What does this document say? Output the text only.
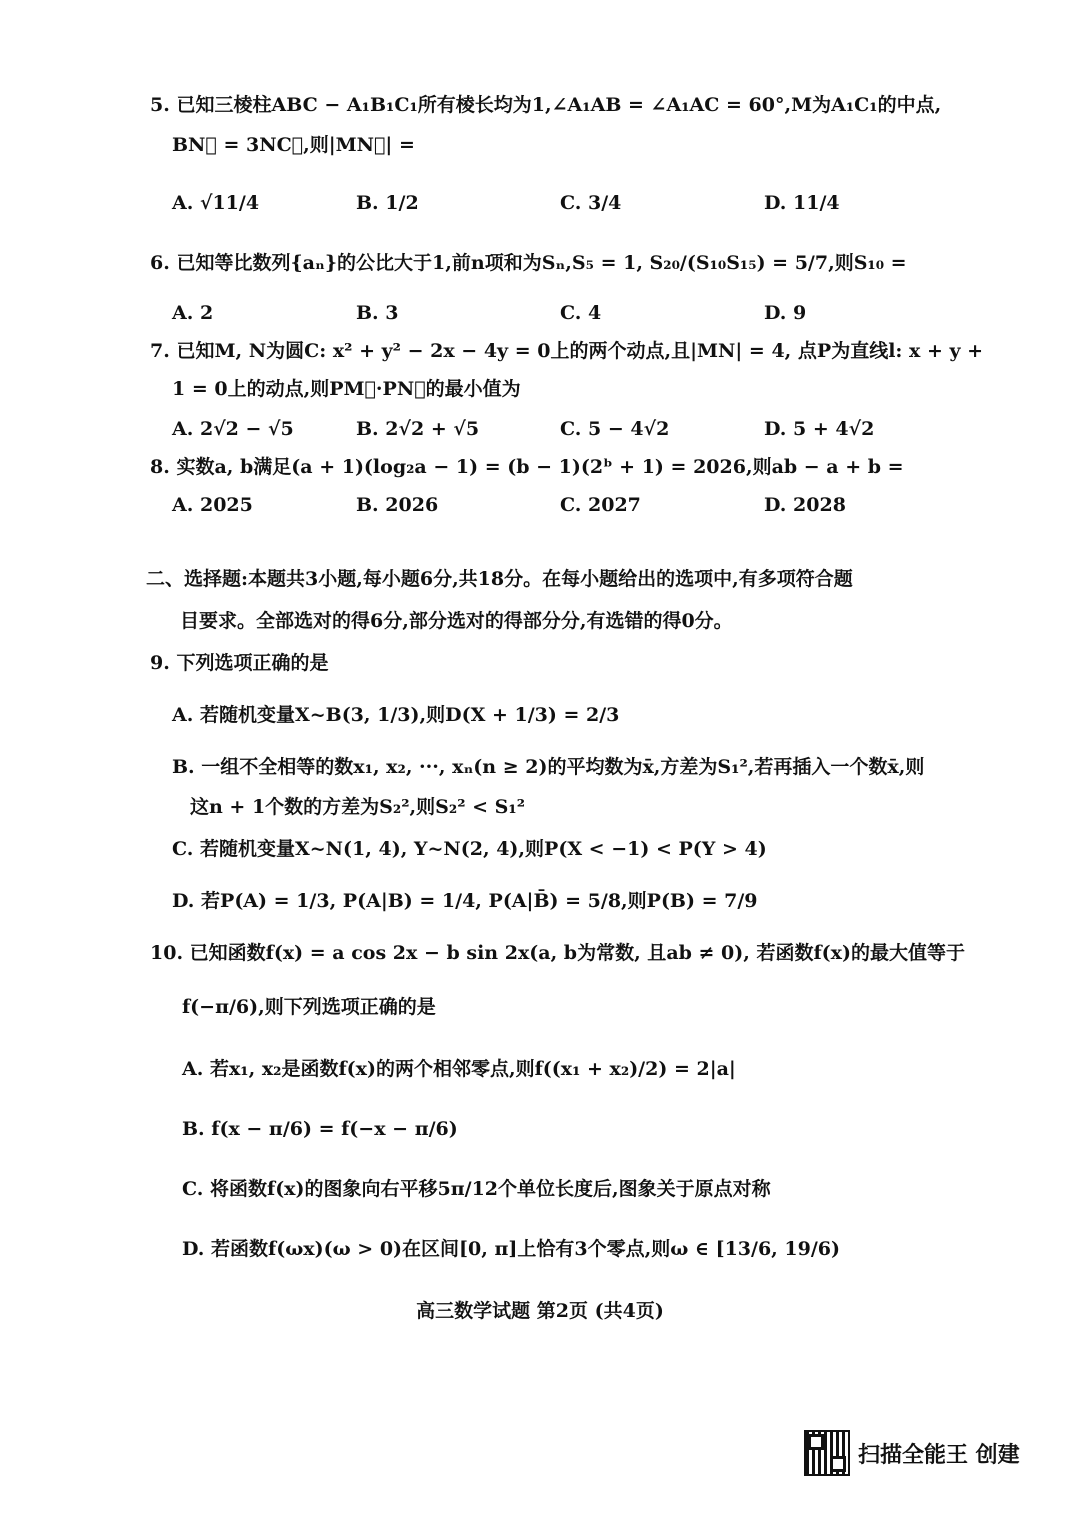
5. 已知三棱柱ABC − A₁B₁C₁所有棱长均为1,∠A₁AB = ∠A₁AC = 60°,M为A₁C₁的中点,
BN⃗ = 3NC⃗,则|MN⃗| =
A. √11/4	B. 1/2	C. 3/4	D. 11/4
6. 已知等比数列{aₙ}的公比大于1,前n项和为Sₙ,S₅ = 1, S₂₀/(S₁₀S₁₅) = 5/7,则S₁₀ =
A. 2	B. 3	C. 4	D. 9
7. 已知M, N为圆C: x² + y² − 2x − 4y = 0上的两个动点,且|MN| = 4, 点P为直线l: x + y +
1 = 0上的动点,则PM⃗·PN⃗的最小值为
A. 2√2 − √5	B. 2√2 + √5	C. 5 − 4√2	D. 5 + 4√2
8. 实数a, b满足(a + 1)(log₂a − 1) = (b − 1)(2ᵇ + 1) = 2026,则ab − a + b =
A. 2025	B. 2026	C. 2027	D. 2028
二、选择题:本题共3小题,每小题6分,共18分。在每小题给出的选项中,有多项符合题
目要求。全部选对的得6分,部分选对的得部分分,有选错的得0分。
9. 下列选项正确的是
A. 若随机变量X~B(3, 1/3),则D(X + 1/3) = 2/3
B. 一组不全相等的数x₁, x₂, ···, xₙ(n ≥ 2)的平均数为x̄,方差为S₁²,若再插入一个数x̄,则
这n + 1个数的方差为S₂²,则S₂² < S₁²
C. 若随机变量X~N(1, 4), Y~N(2, 4),则P(X < −1) < P(Y > 4)
D. 若P(A) = 1/3, P(A|B) = 1/4, P(A|B̄) = 5/8,则P(B) = 7/9
10. 已知函数f(x) = a cos 2x − b sin 2x(a, b为常数, 且ab ≠ 0), 若函数f(x)的最大值等于
f(−π/6),则下列选项正确的是
A. 若x₁, x₂是函数f(x)的两个相邻零点,则f((x₁ + x₂)/2) = 2|a|
B. f(x − π/6) = f(−x − π/6)
C. 将函数f(x)的图象向右平移5π/12个单位长度后,图象关于原点对称
D. 若函数f(ωx)(ω > 0)在区间[0, π]上恰有3个零点,则ω ∈ [13/6, 19/6)
高三数学试题 第2页 (共4页)
扫描全能王 创建
